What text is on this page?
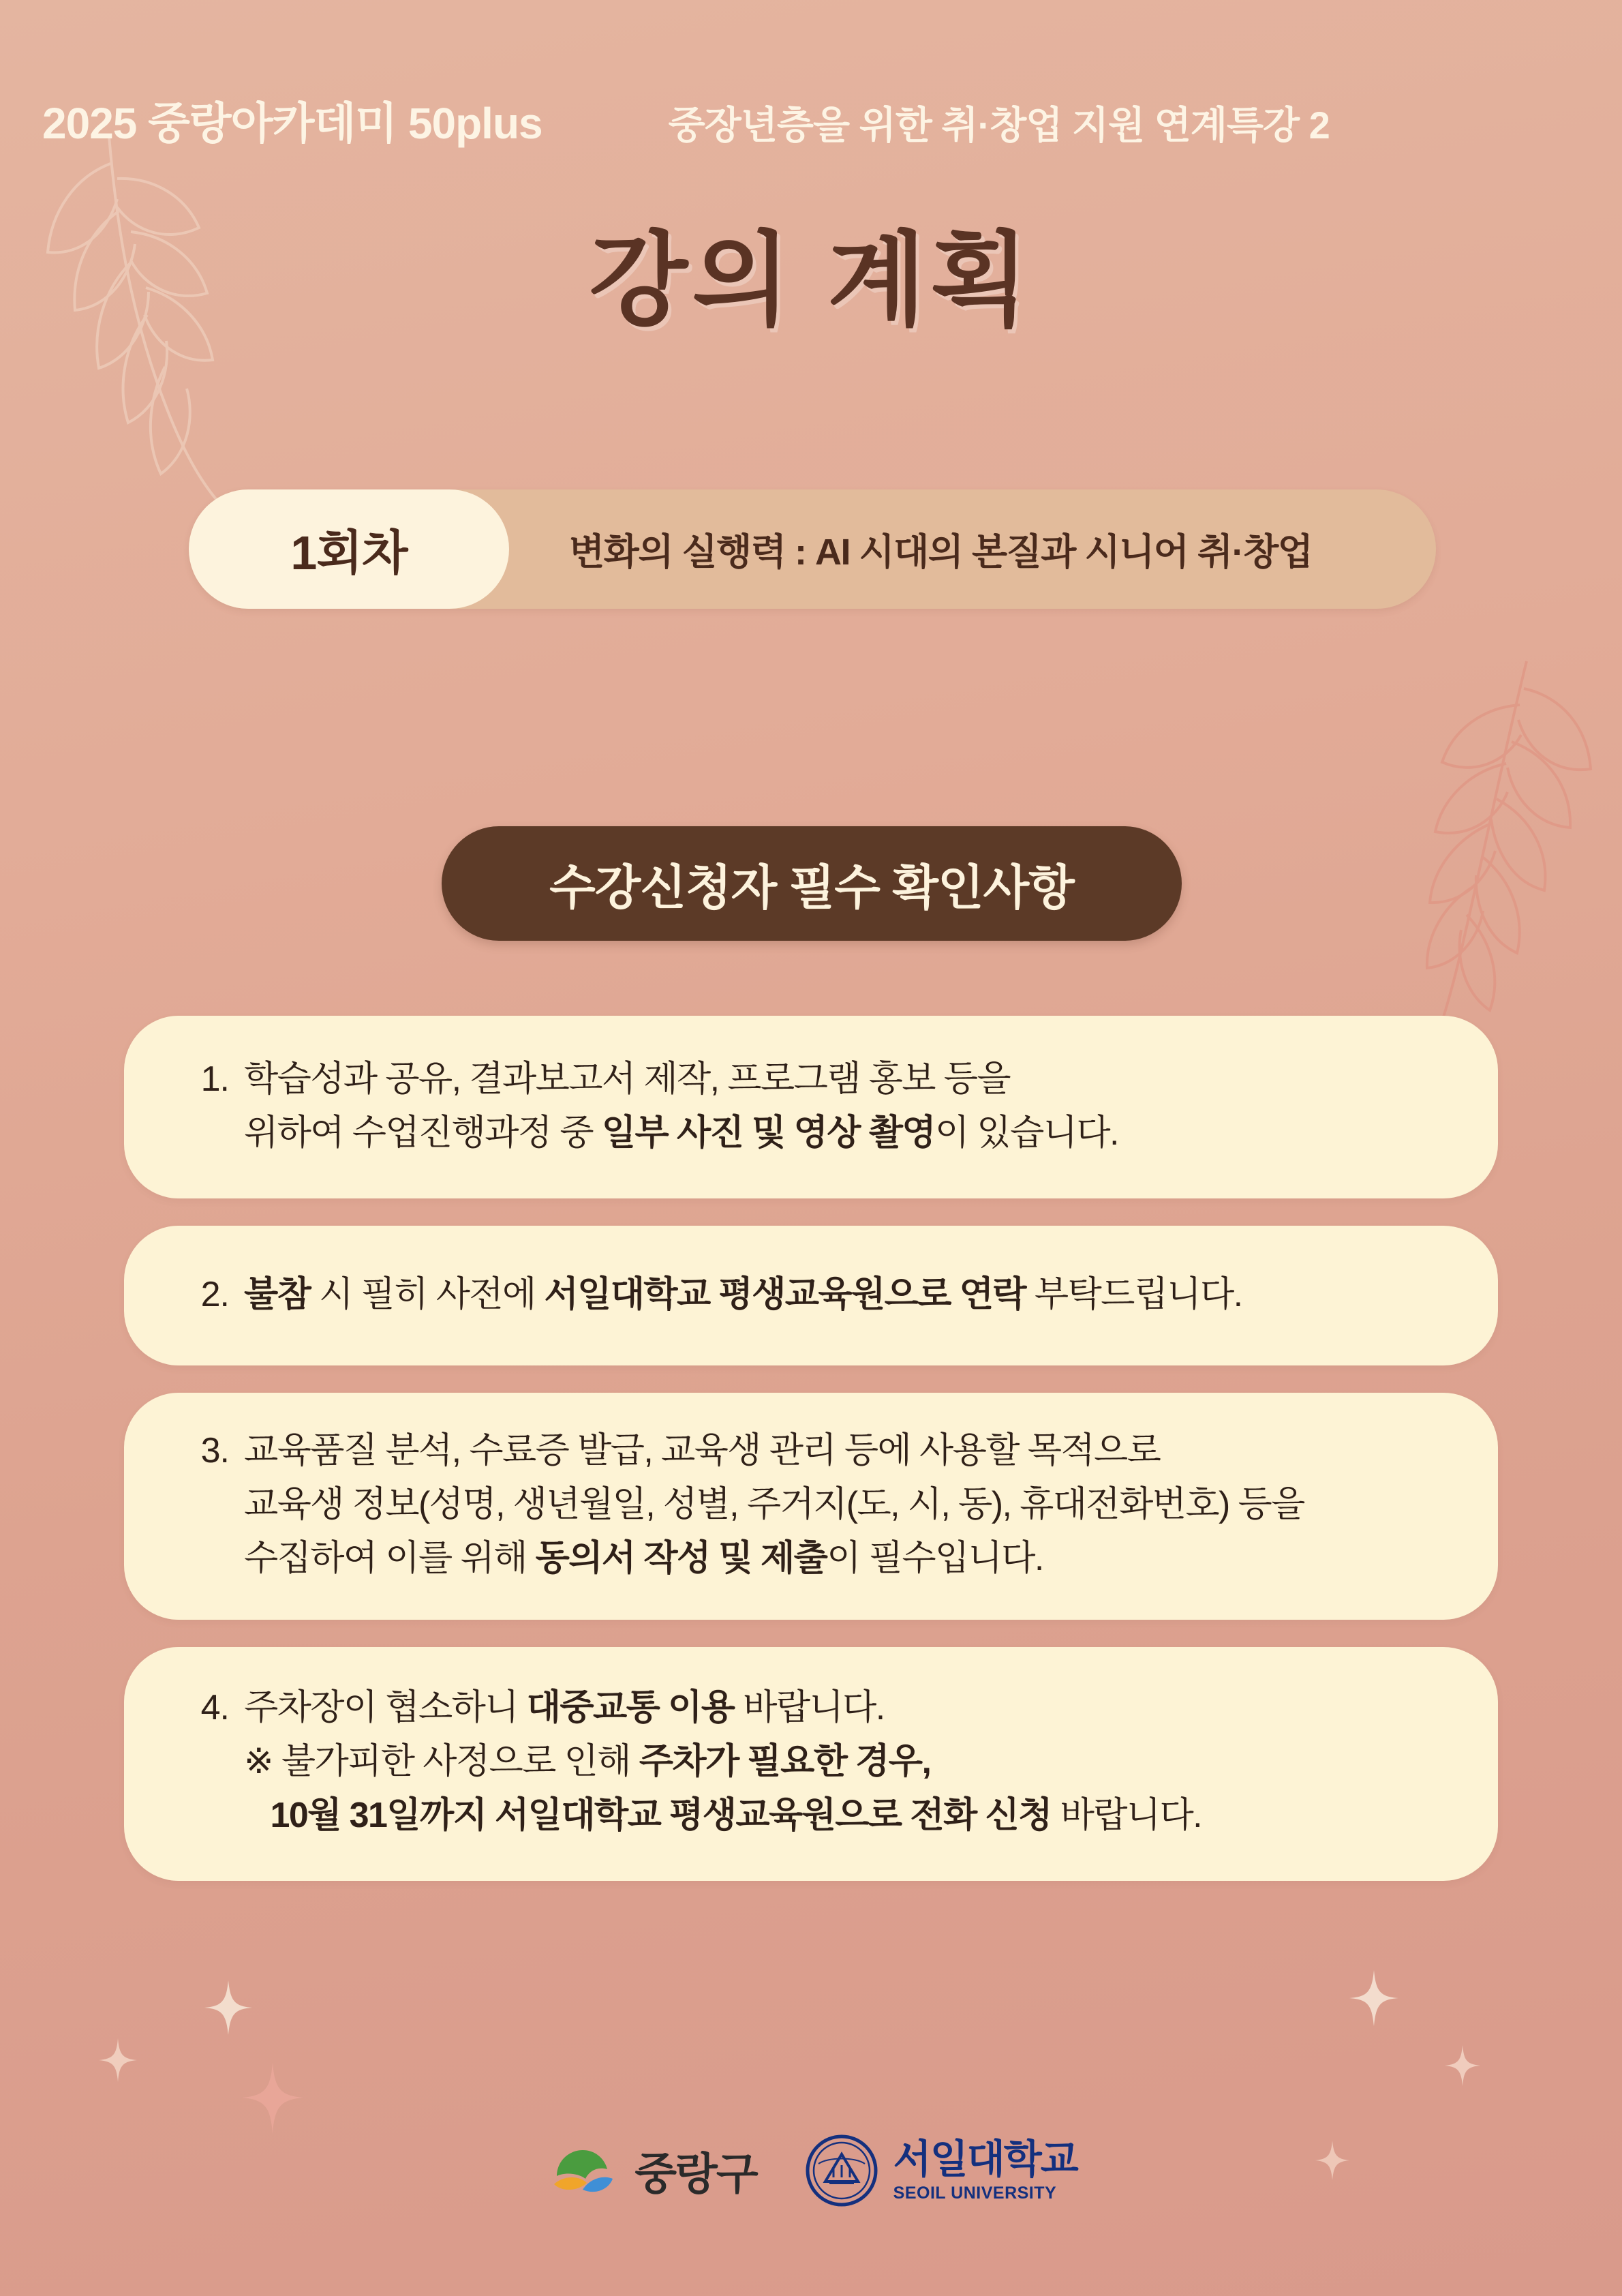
2025 중랑아카데미 50plus	중장년층을 위한 취·창업 지원 연계특강 2
강의 계획
1회차	변화의 실행력 : AI 시대의 본질과 시니어 취·창업
수강신청자 필수 확인사항
1. 학습성과 공유, 결과보고서 제작, 프로그램 홍보 등을
위하여 수업진행과정 중 일부 사진 및 영상 촬영이 있습니다.
2. 불참 시 필히 사전에 서일대학교 평생교육원으로 연락 부탁드립니다.
3. 교육품질 분석, 수료증 발급, 교육생 관리 등에 사용할 목적으로
교육생 정보(성명, 생년월일, 성별, 주거지(도, 시, 동), 휴대전화번호) 등을
수집하여 이를 위해 동의서 작성 및 제출이 필수입니다.
4. 주차장이 협소하니 대중교통 이용 바랍니다.
※ 불가피한 사정으로 인해 주차가 필요한 경우,
10월 31일까지 서일대학교 평생교육원으로 전화 신청 바랍니다.
중랑구	서일대학교
SEOIL UNIVERSITY
